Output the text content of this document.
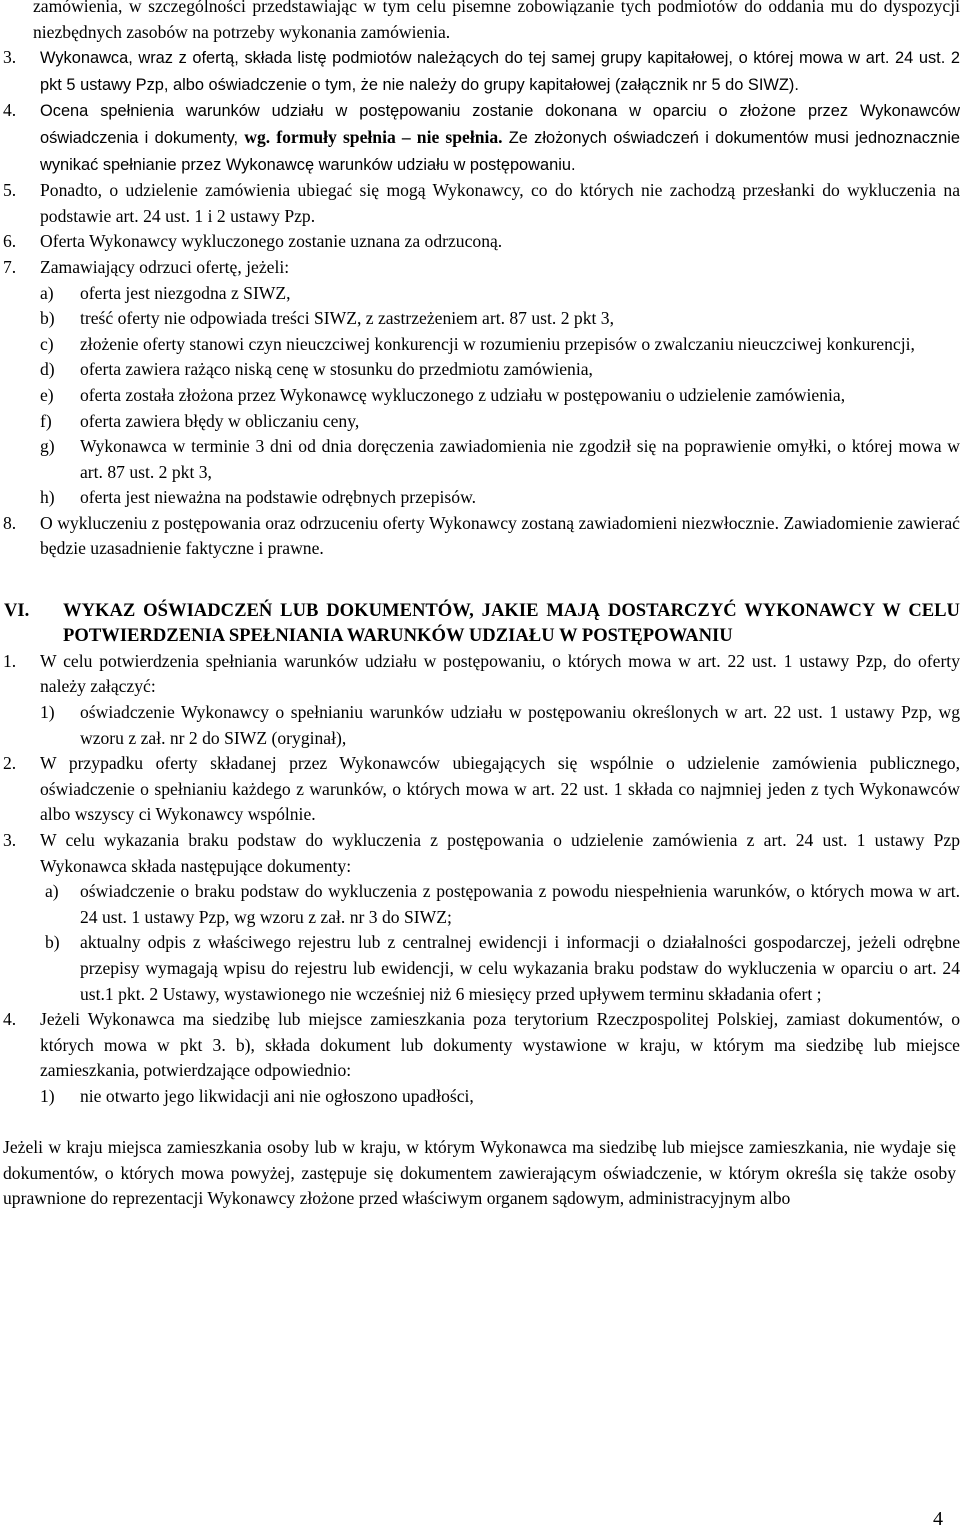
zamówienia, w szczególności przedstawiając w tym celu pisemne zobowiązanie tych podmiotów do oddania mu do dyspozycji niezbędnych zasobów na potrzeby wykonania zamówienia.

3. Wykonawca, wraz z ofertą, składa listę podmiotów należących do tej samej grupy kapitałowej, o której mowa w art. 24 ust. 2 pkt 5 ustawy Pzp, albo oświadczenie o tym, że nie należy do grupy kapitałowej (załącznik nr 5 do SIWZ).
4. Ocena spełnienia warunków udziału w postępowaniu zostanie dokonana w oparciu o złożone przez Wykonawców oświadczenia i dokumenty, wg. formuły spełnia – nie spełnia. Ze złożonych oświadczeń i dokumentów musi jednoznacznie wynikać spełnianie przez Wykonawcę warunków udziału w postępowaniu.
5. Ponadto, o udzielenie zamówienia ubiegać się mogą Wykonawcy, co do których nie zachodzą przesłanki do wykluczenia na podstawie art. 24 ust. 1 i 2 ustawy Pzp.
6. Oferta Wykonawcy wykluczonego zostanie uznana za odrzuconą.
7. Zamawiający odrzuci ofertę, jeżeli:
a) oferta jest niezgodna z SIWZ,
b) treść oferty nie odpowiada treści SIWZ, z zastrzeżeniem art. 87 ust. 2 pkt 3,
c) złożenie oferty stanowi czyn nieuczciwej konkurencji w rozumieniu przepisów o zwalczaniu nieuczciwej konkurencji,
d) oferta zawiera rażąco niską cenę w stosunku do przedmiotu zamówienia,
e) oferta została złożona przez Wykonawcę wykluczonego z udziału w postępowaniu o udzielenie zamówienia,
f) oferta zawiera błędy w obliczaniu ceny,
g) Wykonawca w terminie 3 dni od dnia doręczenia zawiadomienia nie zgodził się na poprawienie omyłki, o której mowa w art. 87 ust. 2 pkt 3,
h) oferta jest nieważna na podstawie odrębnych przepisów.
8. O wykluczeniu z postępowania oraz odrzuceniu oferty Wykonawcy zostaną zawiadomieni niezwłocznie. Zawiadomienie zawierać będzie uzasadnienie faktyczne i prawne.
VI. WYKAZ OŚWIADCZEŃ LUB DOKUMENTÓW, JAKIE MAJĄ DOSTARCZYĆ WYKONAWCY W CELU POTWIERDZENIA SPEŁNIANIA WARUNKÓW UDZIAŁU W POSTĘPOWANIU
1. W celu potwierdzenia spełniania warunków udziału w postępowaniu, o których mowa w art. 22 ust. 1 ustawy Pzp, do oferty należy załączyć:
1) oświadczenie Wykonawcy o spełnianiu warunków udziału w postępowaniu określonych w art. 22 ust. 1 ustawy Pzp, wg wzoru z zał. nr 2 do SIWZ (oryginał),
2. W przypadku oferty składanej przez Wykonawców ubiegających się wspólnie o udzielenie zamówienia publicznego, oświadczenie o spełnianiu każdego z warunków, o których mowa w art. 22 ust. 1 składa co najmniej jeden z tych Wykonawców albo wszyscy ci Wykonawcy wspólnie.
3. W celu wykazania braku podstaw do wykluczenia z postępowania o udzielenie zamówienia z art. 24 ust. 1 ustawy Pzp Wykonawca składa następujące dokumenty:
a) oświadczenie o braku podstaw do wykluczenia z postępowania z powodu niespełnienia warunków, o których mowa w art. 24 ust. 1 ustawy Pzp, wg wzoru z zał. nr 3 do SIWZ;
b) aktualny odpis z właściwego rejestru lub z centralnej ewidencji i informacji o działalności gospodarczej, jeżeli odrębne przepisy wymagają wpisu do rejestru lub ewidencji, w celu wykazania braku podstaw do wykluczenia w oparciu o art. 24 ust.1 pkt. 2 Ustawy, wystawionego nie wcześniej niż 6 miesięcy przed upływem terminu składania ofert ;
4. Jeżeli Wykonawca ma siedzibę lub miejsce zamieszkania poza terytorium Rzeczpospolitej Polskiej, zamiast dokumentów, o których mowa w pkt 3. b), składa dokument lub dokumenty wystawione w kraju, w którym ma siedzibę lub miejsce zamieszkania, potwierdzające odpowiednio:
1) nie otwarto jego likwidacji ani nie ogłoszono upadłości,

Jeżeli w kraju miejsca zamieszkania osoby lub w kraju, w którym Wykonawca ma siedzibę lub miejsce zamieszkania, nie wydaje się dokumentów, o których mowa powyżej, zastępuje się dokumentem zawierającym oświadczenie, w którym określa się także osoby uprawnione do reprezentacji Wykonawcy złożone przed właściwym organem sądowym, administracyjnym albo

4
